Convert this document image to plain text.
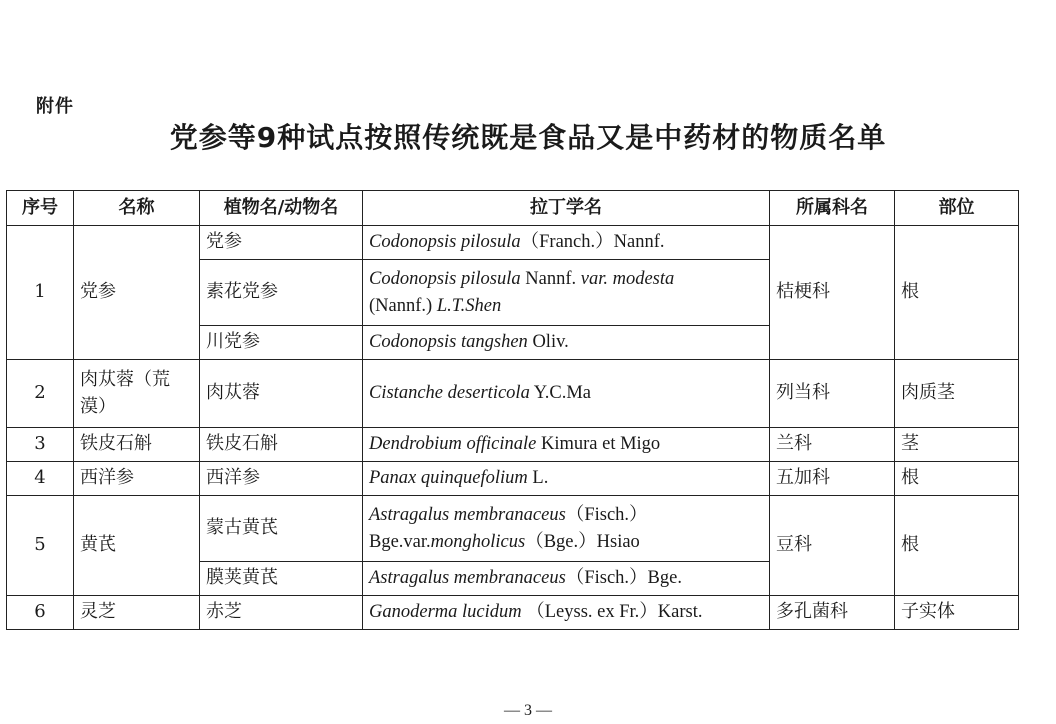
附件
党参等9种试点按照传统既是食品又是中药材的物质名单
序号	名称	植物名/动物名	拉丁学名	所属科名	部位
1	党参	党参	Codonopsis pilosula（Franch.）Nannf.	桔梗科	根
		素花党参	Codonopsis pilosula Nannf. var. modesta
(Nannf.) L.T.Shen		
		川党参	Codonopsis tangshen Oliv.		
2	肉苁蓉（荒漠）	肉苁蓉	Cistanche deserticola Y.C.Ma	列当科	肉质茎
3	铁皮石斛	铁皮石斛	Dendrobium officinale Kimura et Migo	兰科	茎
4	西洋参	西洋参	Panax quinquefolium L.	五加科	根
5	黄芪	蒙古黄芪	Astragalus membranaceus（Fisch.）
Bge.var.mongholicus（Bge.）Hsiao	豆科	根
		膜荚黄芪	Astragalus membranaceus（Fisch.）Bge.		
6	灵芝	赤芝	Ganoderma lucidum （Leyss. ex Fr.）Karst.	多孔菌科	子实体
— 3 —
